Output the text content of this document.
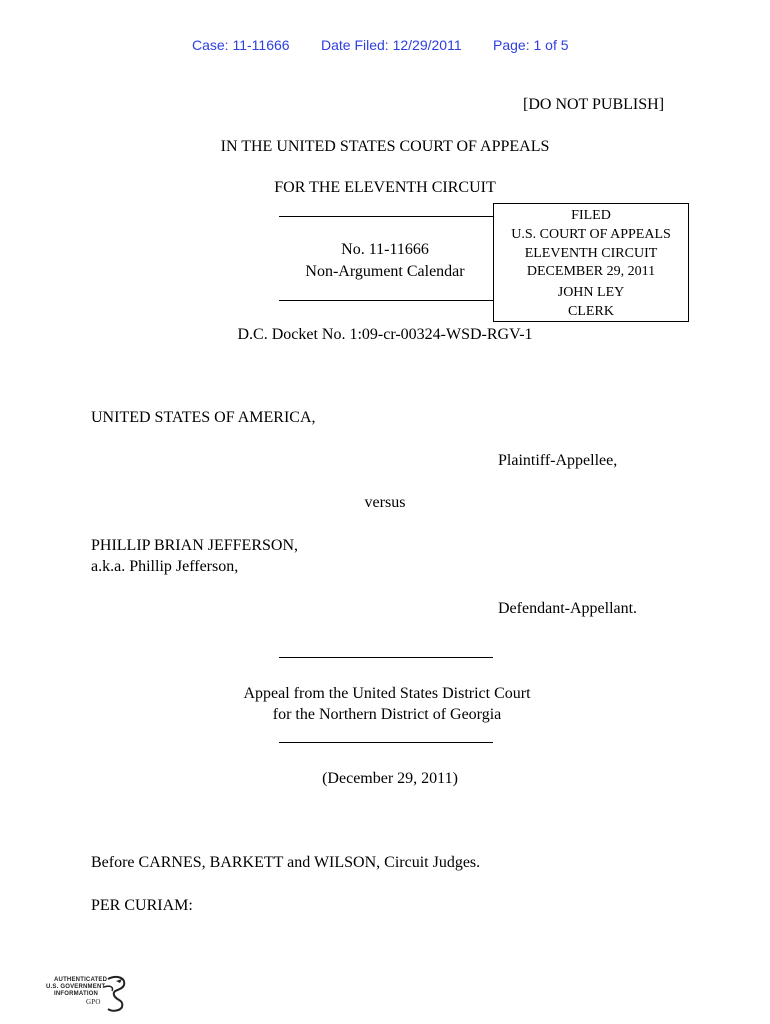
Case: 11-11666 Date Filed: 12/29/2011 Page: 1 of 5
[DO NOT PUBLISH]
IN THE UNITED STATES COURT OF APPEALS
FOR THE ELEVENTH CIRCUIT
No. 11-11666
Non-Argument Calendar
FILED
U.S. COURT OF APPEALS
ELEVENTH CIRCUIT
DECEMBER 29, 2011
JOHN LEY
CLERK
D.C. Docket No. 1:09-cr-00324-WSD-RGV-1
UNITED STATES OF AMERICA,
Plaintiff-Appellee,
versus
PHILLIP BRIAN JEFFERSON,
a.k.a. Phillip Jefferson,
Defendant-Appellant.
Appeal from the United States District Court
for the Northern District of Georgia
(December 29, 2011)
Before CARNES, BARKETT and WILSON, Circuit Judges.
PER CURIAM:
AUTHENTICATED
U.S. GOVERNMENT
INFORMATION
GPO
